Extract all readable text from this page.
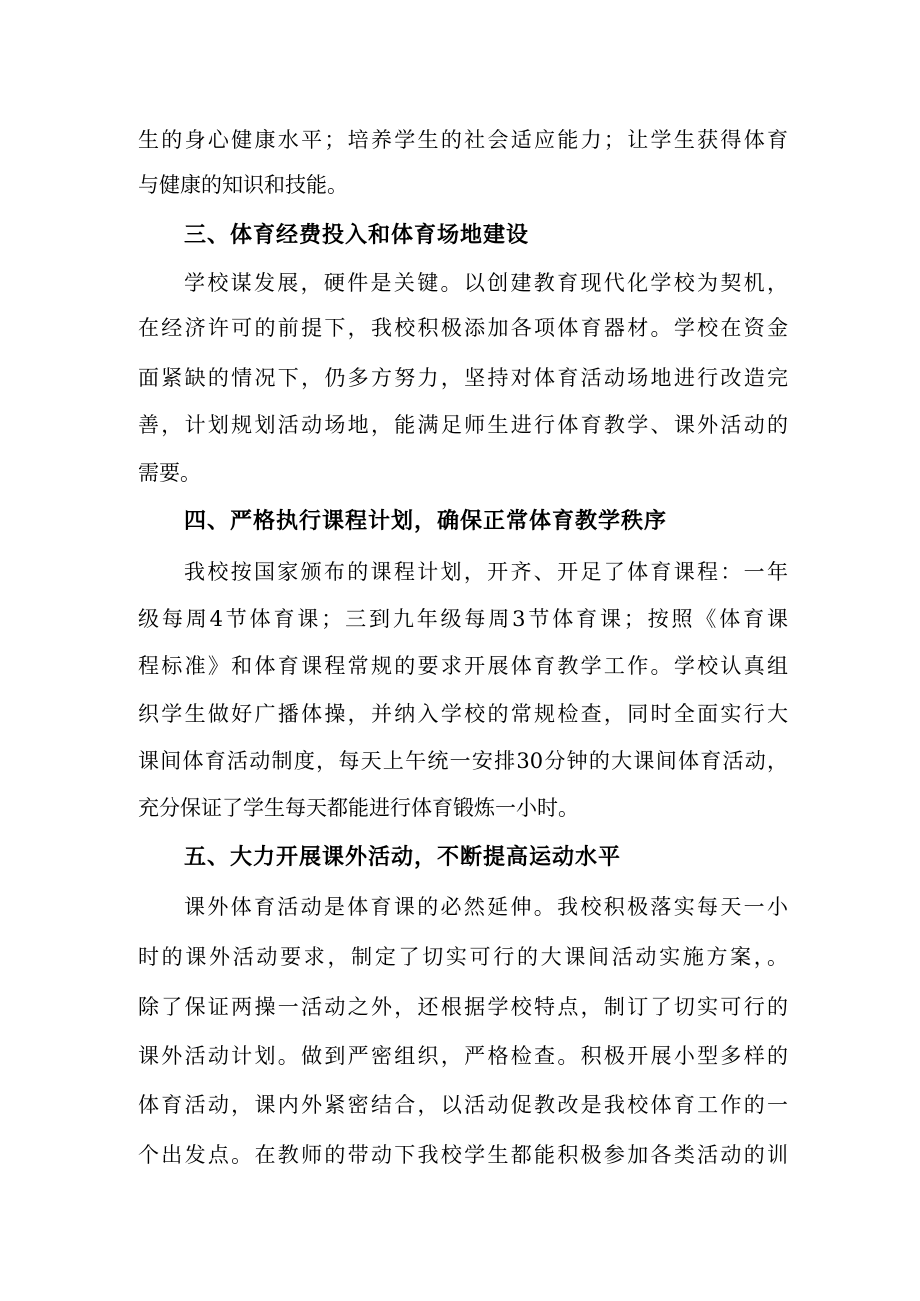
生的身心健康水平；培养学生的社会适应能力；让学生获得体育
与健康的知识和技能。
三、体育经费投入和体育场地建设
学校谋发展，硬件是关键。以创建教育现代化学校为契机，
在经济许可的前提下，我校积极添加各项体育器材。学校在资金
面紧缺的情况下，仍多方努力，坚持对体育活动场地进行改造完
善，计划规划活动场地，能满足师生进行体育教学、课外活动的
需要。
四、严格执行课程计划，确保正常体育教学秩序
我校按国家颁布的课程计划，开齐、开足了体育课程：一年
级每周4节体育课；三到九年级每周3节体育课；按照《体育课
程标准》和体育课程常规的要求开展体育教学工作。学校认真组
织学生做好广播体操，并纳入学校的常规检查，同时全面实行大
课间体育活动制度，每天上午统一安排30分钟的大课间体育活动，
充分保证了学生每天都能进行体育锻炼一小时。
五、大力开展课外活动，不断提高运动水平
课外体育活动是体育课的必然延伸。我校积极落实每天一小
时的课外活动要求，制定了切实可行的大课间活动实施方案，。
除了保证两操一活动之外，还根据学校特点，制订了切实可行的
课外活动计划。做到严密组织，严格检查。积极开展小型多样的
体育活动，课内外紧密结合，以活动促教改是我校体育工作的一
个出发点。在教师的带动下我校学生都能积极参加各类活动的训
